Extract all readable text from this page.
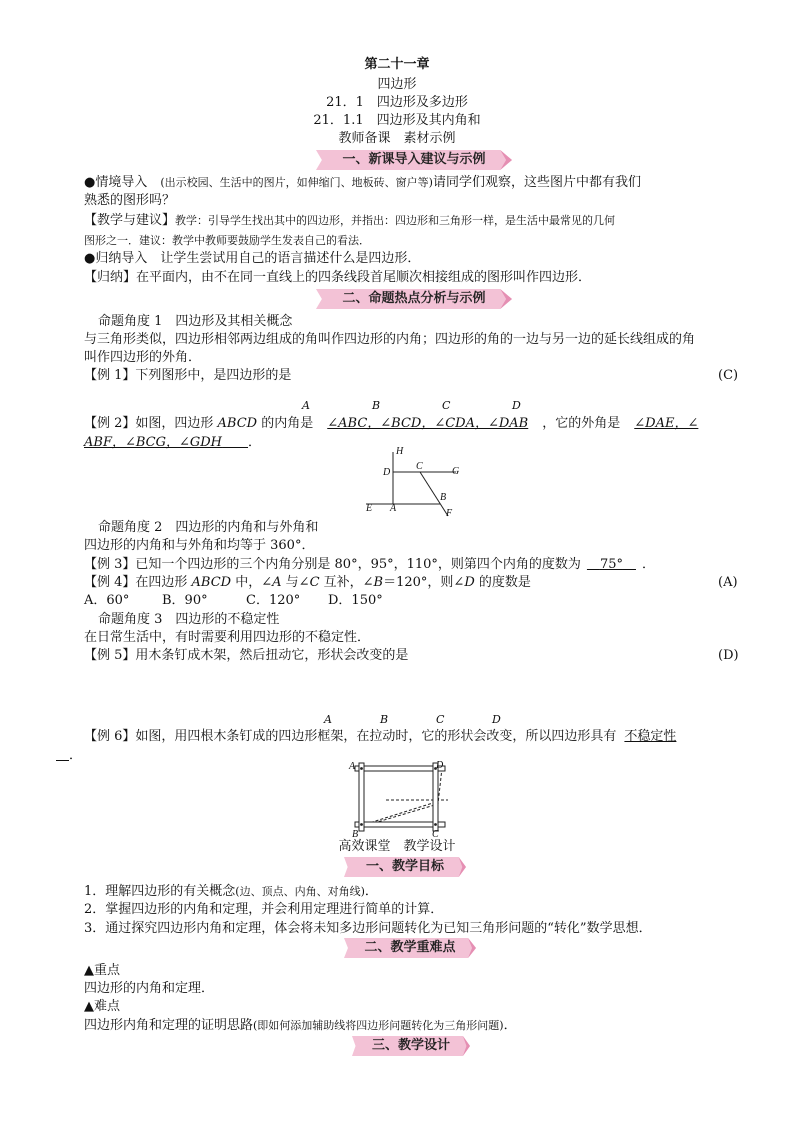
第二十一章
四边形
21．1　四边形及多边形
21．1.1　四边形及其内角和
教师备课　素材示例
一、新课导入建议与示例
●情境导入　(出示校园、生活中的图片，如伸缩门、地板砖、窗户等)请同学们观察，这些图片中都有我们
熟悉的图形吗？
【教学与建议】教学：引导学生找出其中的四边形，并指出：四边形和三角形一样，是生活中最常见的几何
图形之一．建议：教学中教师要鼓励学生发表自己的看法．
●归纳导入　让学生尝试用自己的语言描述什么是四边形．
【归纳】在平面内，由不在同一直线上的四条线段首尾顺次相接组成的图形叫作四边形．
二、命题热点分析与示例
命题角度 1　四边形及其相关概念
与三角形类似，四边形相邻两边组成的角叫作四边形的内角；四边形的角的一边与另一边的延长线组成的角
叫作四边形的外角．
【例 1】下列图形中，是四边形的是	(C)
A	B	C	D
【例 2】如图，四边形 ABCD 的内角是 ∠ABC，∠BCD，∠CDA，∠DAB ，它的外角是 ∠DAE，∠
ABF，∠BCG，∠GDH   ．
H
D
C	G
B
E A	F
命题角度 2　四边形的内角和与外角和
四边形的内角和与外角和均等于 360°．
【例 3】已知一个四边形的三个内角分别是 80°，95°，110°，则第四个内角的度数为  75°  ．
【例 4】在四边形 ABCD 中，∠A 与∠C 互补，∠B＝120°，则∠D 的度数是	(A)
A．60°	B．90°	C．120° D．150°
命题角度 3　四边形的不稳定性
在日常生活中，有时需要利用四边形的不稳定性．
【例 5】用木条钉成木架，然后扭动它，形状会改变的是	(D)
A	B	C	D
【例 6】如图，用四根木条钉成的四边形框架，在拉动时，它的形状会改变，所以四边形具有 不稳定性
 ．
A	D
B	C
高效课堂　教学设计
一、教学目标
1．理解四边形的有关概念(边、顶点、内角、对角线)．
2．掌握四边形的内角和定理，并会利用定理进行简单的计算．
3．通过探究四边形内角和定理，体会将未知多边形问题转化为已知三角形问题的“转化”数学思想．
二、教学重难点
▲重点
四边形的内角和定理．
▲难点
四边形内角和定理的证明思路(即如何添加辅助线将四边形问题转化为三角形问题)．
三、教学设计
